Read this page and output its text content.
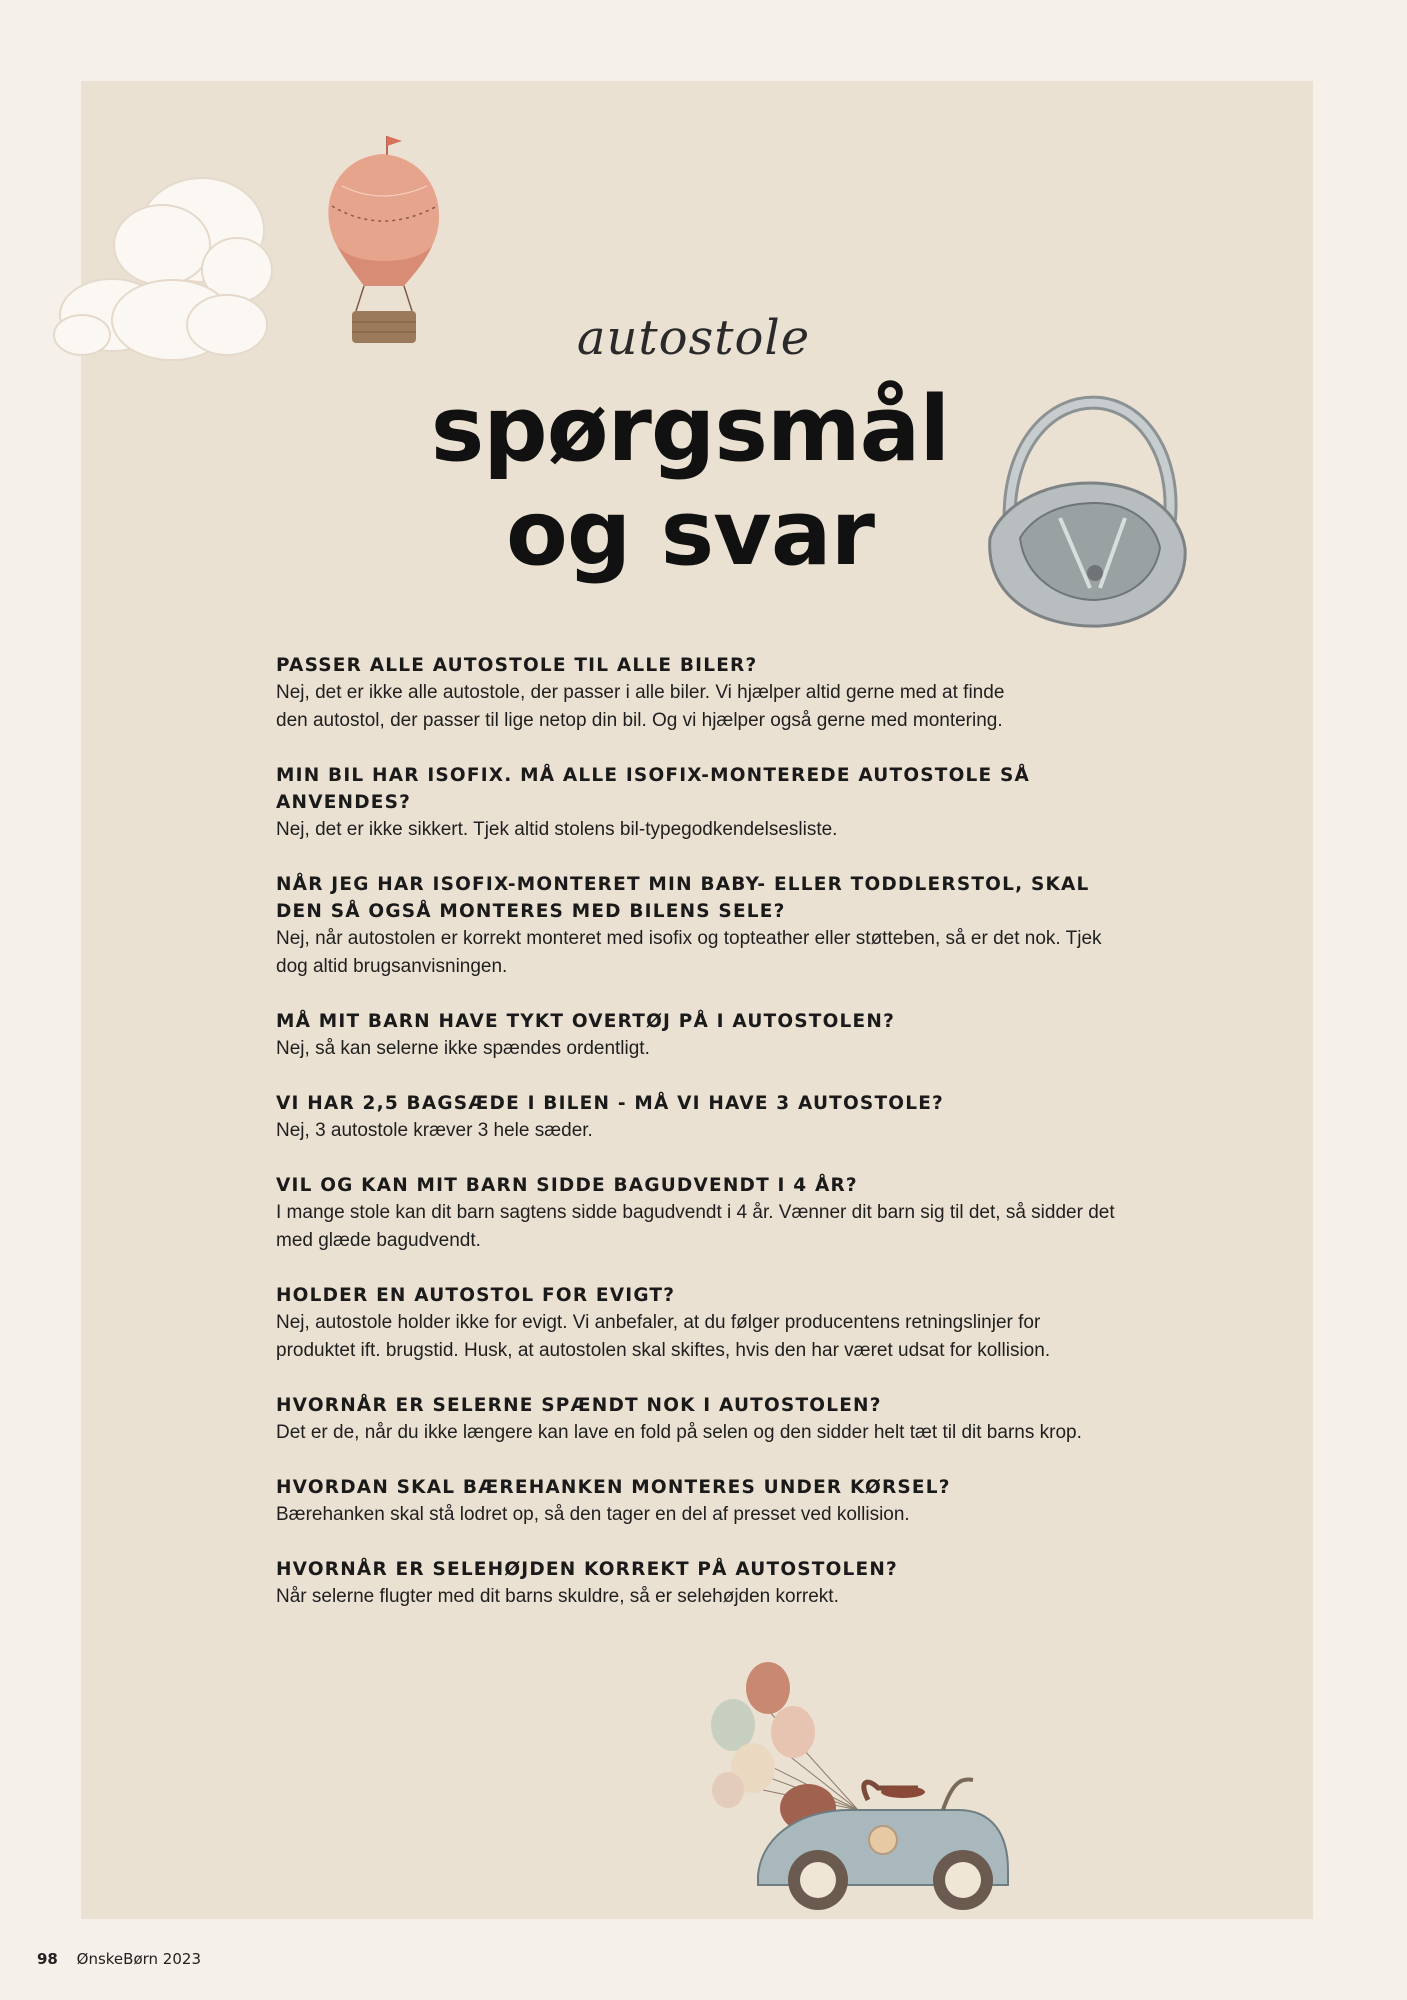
autostole
spørgsmål
og svar
PASSER ALLE AUTOSTOLE TIL ALLE BILER?
Nej, det er ikke alle autostole, der passer i alle biler. Vi hjælper altid gerne med at finde den autostol, der passer til lige netop din bil. Og vi hjælper også gerne med montering.
MIN BIL HAR ISOFIX. MÅ ALLE ISOFIX-MONTEREDE AUTOSTOLE SÅ ANVENDES?
Nej, det er ikke sikkert. Tjek altid stolens bil-typegodkendelsesliste.
NÅR JEG HAR ISOFIX-MONTERET MIN BABY- ELLER TODDLERSTOL, SKAL DEN SÅ OGSÅ MONTERES MED BILENS SELE?
Nej, når autostolen er korrekt monteret med isofix og topteather eller støtteben, så er det nok. Tjek dog altid brugsanvisningen.
MÅ MIT BARN HAVE TYKT OVERTØJ PÅ I AUTOSTOLEN?
Nej, så kan selerne ikke spændes ordentligt.
VI HAR 2,5 BAGSÆDE I BILEN - MÅ VI HAVE 3 AUTOSTOLE?
Nej, 3 autostole kræver 3 hele sæder.
VIL OG KAN MIT BARN SIDDE BAGUDVENDT I 4 ÅR?
I mange stole kan dit barn sagtens sidde bagudvendt i 4 år. Vænner dit barn sig til det, så sidder det med glæde bagudvendt.
HOLDER EN AUTOSTOL FOR EVIGT?
Nej, autostole holder ikke for evigt. Vi anbefaler, at du følger producentens retningslinjer for produktet ift. brugstid. Husk, at autostolen skal skiftes, hvis den har været udsat for kollision.
HVORNÅR ER SELERNE SPÆNDT NOK I AUTOSTOLEN?
Det er de, når du ikke længere kan lave en fold på selen og den sidder helt tæt til dit barns krop.
HVORDAN SKAL BÆREHANKEN MONTERES UNDER KØRSEL?
Bærehanken skal stå lodret op, så den tager en del af presset ved kollision.
HVORNÅR ER SELEHØJDEN KORREKT PÅ AUTOSTOLEN?
Når selerne flugter med dit barns skuldre, så er selehøjden korrekt.
98 ØnskeBørn 2023
